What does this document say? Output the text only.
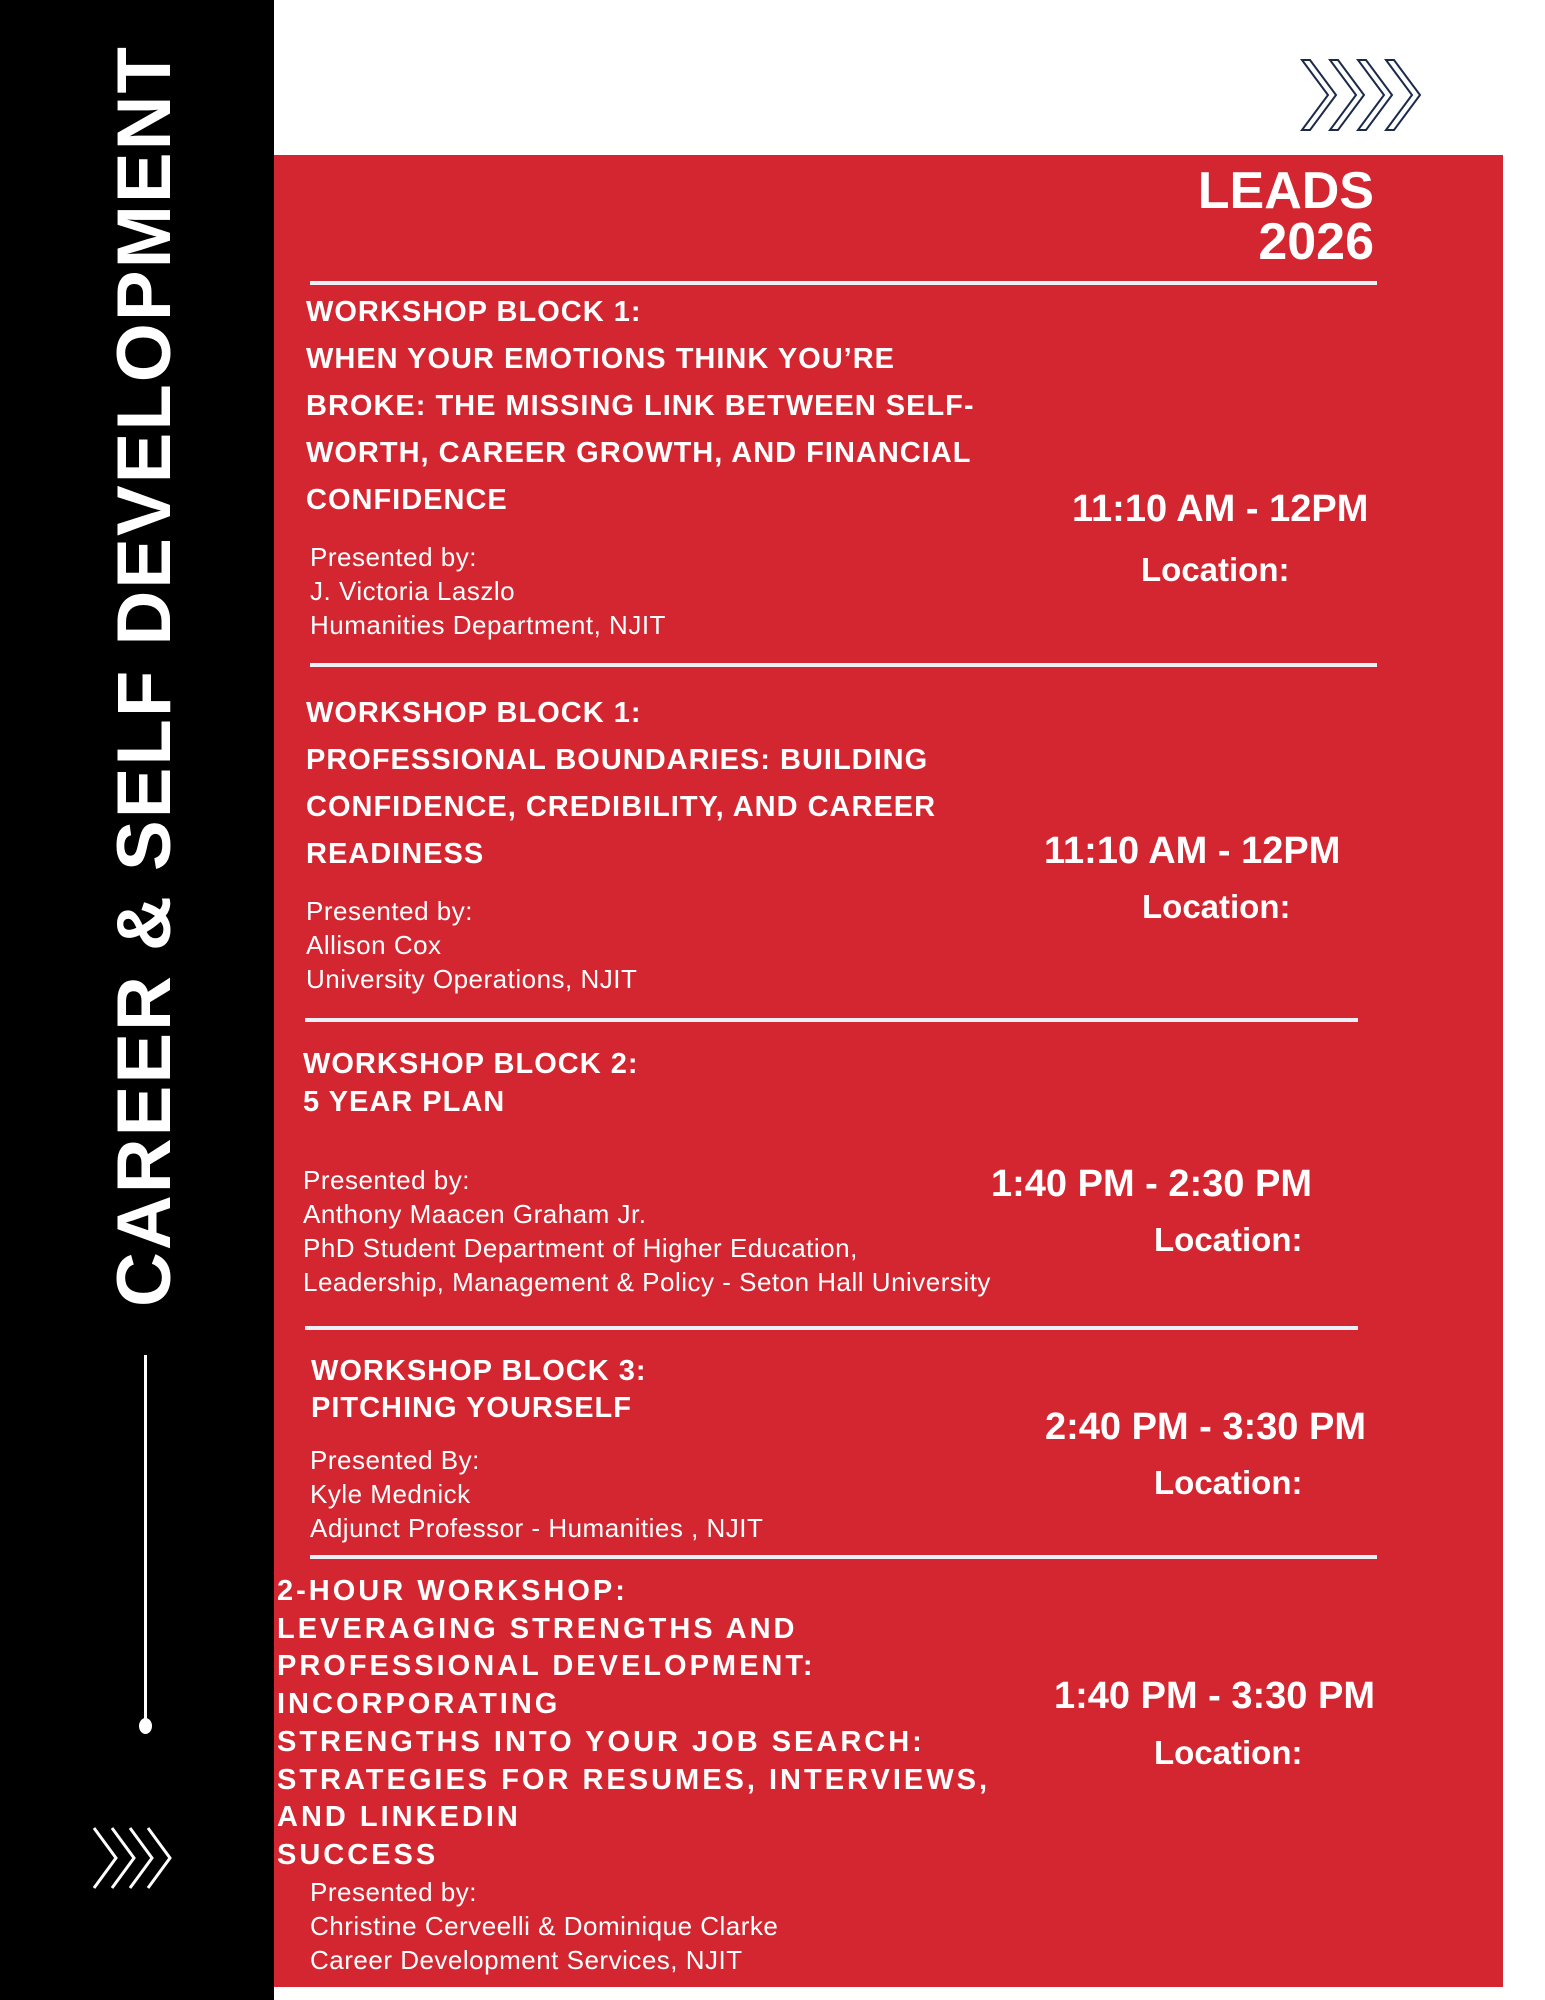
CAREER & SELF DEVELOPMENT	LEADS
2026
WORKSHOP BLOCK 1:
WHEN YOUR EMOTIONS THINK YOU’RE
BROKE: THE MISSING LINK BETWEEN SELF-
WORTH, CAREER GROWTH, AND FINANCIAL
CONFIDENCE
Presented by:
J. Victoria Laszlo
Humanities Department, NJIT
11:10 AM - 12PM
Location:
WORKSHOP BLOCK 1:
PROFESSIONAL BOUNDARIES: BUILDING
CONFIDENCE, CREDIBILITY, AND CAREER
READINESS
Presented by:
Allison Cox
University Operations, NJIT
11:10 AM - 12PM
Location:
WORKSHOP BLOCK 2:
5 YEAR PLAN
Presented by:
Anthony Maacen Graham Jr.
PhD Student Department of Higher Education,
Leadership, Management & Policy - Seton Hall University
1:40 PM - 2:30 PM
Location:
WORKSHOP BLOCK 3:
PITCHING YOURSELF
Presented By:
Kyle Mednick
Adjunct Professor - Humanities , NJIT
2:40 PM - 3:30 PM
Location:
2-HOUR WORKSHOP:
LEVERAGING STRENGTHS AND
PROFESSIONAL DEVELOPMENT:
INCORPORATING
STRENGTHS INTO YOUR JOB SEARCH:
STRATEGIES FOR RESUMES, INTERVIEWS,
AND LINKEDIN
SUCCESS
Presented by:
Christine Cerveelli & Dominique Clarke
Career Development Services, NJIT
1:40 PM - 3:30 PM
Location:
